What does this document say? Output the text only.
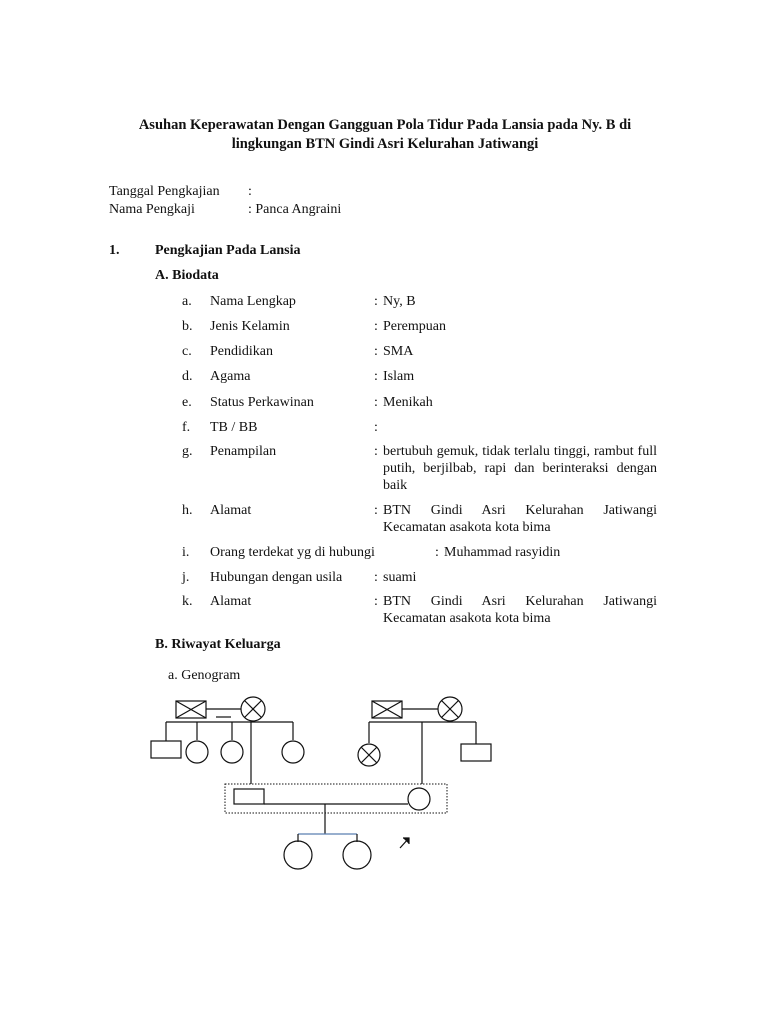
Asuhan Keperawatan Dengan Gangguan Pola Tidur Pada Lansia pada Ny. B di
lingkungan BTN Gindi Asri Kelurahan Jatiwangi
Tanggal Pengkajian :
Nama Pengkaji	: Panca Angraini
1.	Pengkajian Pada Lansia
A. Biodata
a. Nama Lengkap	: Ny, B
b. Jenis Kelamin	: Perempuan
c. Pendidikan	: SMA
d. Agama	: Islam
e. Status Perkawinan	: Menikah
f. TB / BB	:
g. Penampilan	: bertubuh gemuk, tidak terlalu tinggi, rambut full putih, berjilbab, rapi dan berinteraksi dengan baik
h. Alamat	: BTN Gindi Asri Kelurahan Jatiwangi Kecamatan asakota kota bima
i. Orang terdekat yg di hubungi	: Muhammad rasyidin
j. Hubungan dengan usila : suami
k. Alamat	: BTN Gindi Asri Kelurahan Jatiwangi Kecamatan asakota kota bima
B. Riwayat Keluarga
a. Genogram
